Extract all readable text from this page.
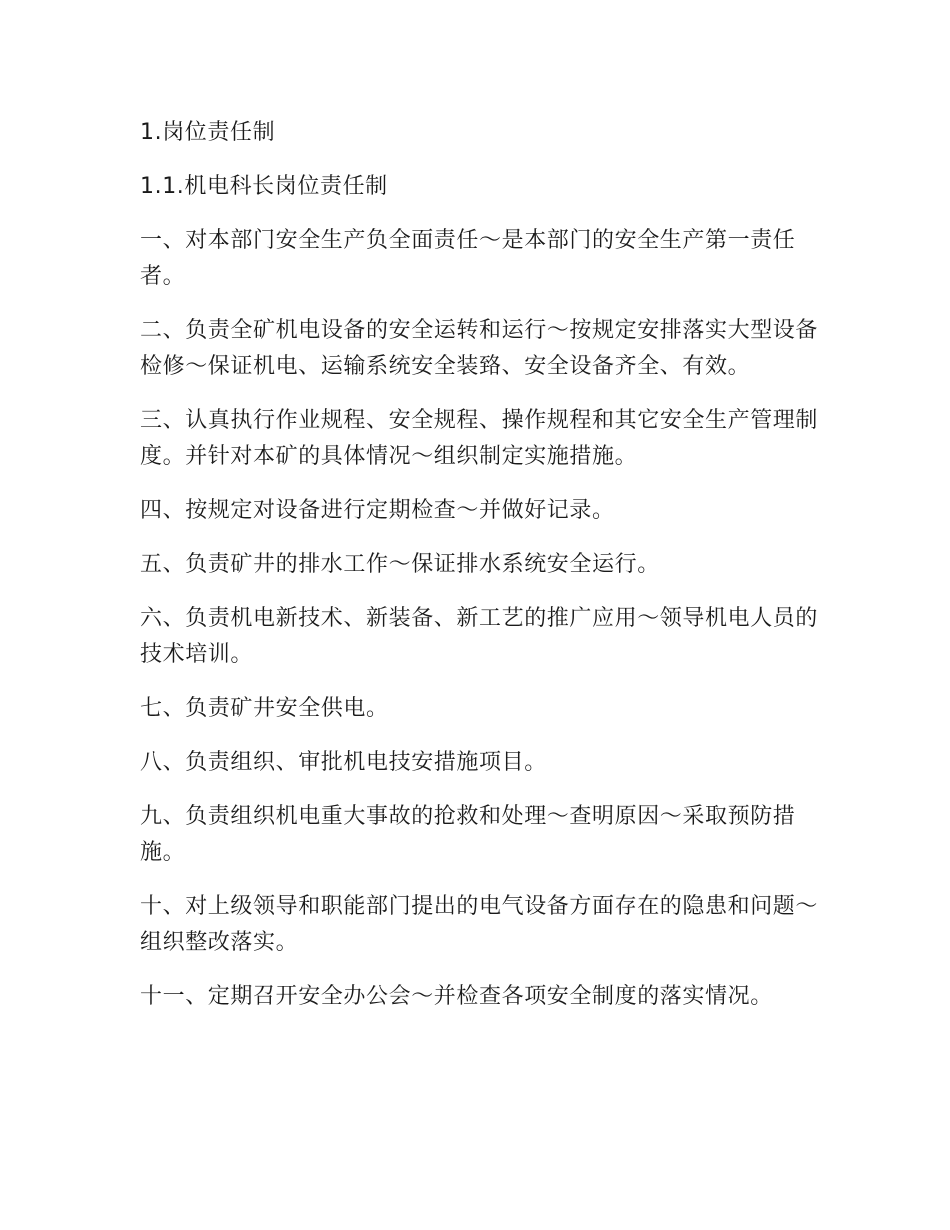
1.岗位责任制

1.1.机电科长岗位责任制

一、对本部门安全生产负全面责任～是本部门的安全生产第一责任者。

二、负责全矿机电设备的安全运转和运行～按规定安排落实大型设备检修～保证机电、运输系统安全装臵、安全设备齐全、有效。

三、认真执行作业规程、安全规程、操作规程和其它安全生产管理制度。并针对本矿的具体情况～组织制定实施措施。

四、按规定对设备进行定期检查～并做好记录。

五、负责矿井的排水工作～保证排水系统安全运行。

六、负责机电新技术、新装备、新工艺的推广应用～领导机电人员的技术培训。

七、负责矿井安全供电。

八、负责组织、审批机电技安措施项目。

九、负责组织机电重大事故的抢救和处理～查明原因～采取预防措施。

十、对上级领导和职能部门提出的电气设备方面存在的隐患和问题～组织整改落实。

十一、定期召开安全办公会～并检查各项安全制度的落实情况。
